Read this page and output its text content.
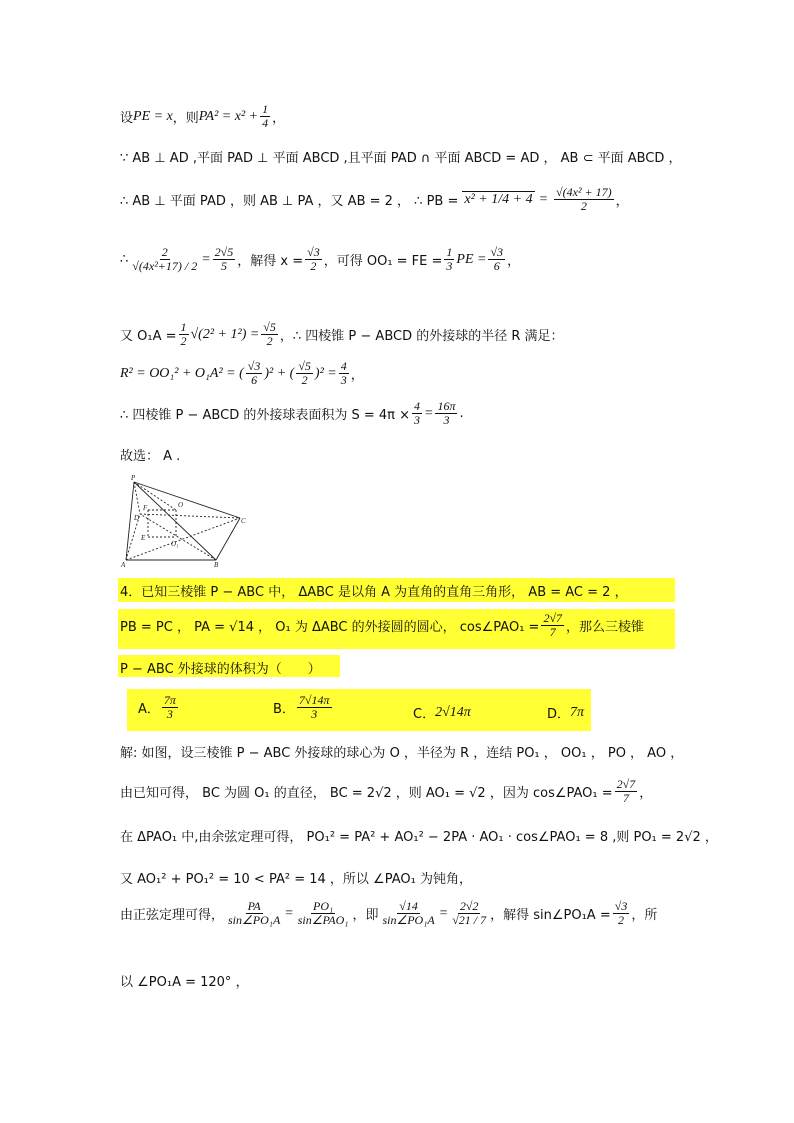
设 PE = x ，则 $PA^2 = x^2 + \frac{1}{4}$ ，
∵ AB ⊥ AD ,平面 PAD ⊥ 平面 ABCD ,且平面 PAD ∩ 平面 ABCD = AD ， AB ⊂ 平面 ABCD ，
∴ AB ⊥ 平面 PAD ，则 AB ⊥ PA ，又 AB = 2 ， ∴ PB = $x^2 + 1/4 + 4 = \frac{\text{√(4x² + 17)}}{2}$ ，
∴ $\frac{2}{\text{√(4x²+17) / 2}} = \frac{2√5}{5}$ ，解得 $x = \frac{√3}{2}$ ，可得 OO₁ = FE = $\frac{1}{3}$ PE = $\frac{√3}{6}$ ，
又 $O_1A = \frac{1}{2} √(2^2 + 1^2) = \frac{√5}{2}$ ，∴ 四棱锥 P − ABCD 的外接球的半径 R 满足：
R² = OO₁² + O₁A² = ( $\frac{√3}{6} )^2$ + ( $\frac{√5}{2} )^2 = \frac{4}{3}$ ，
∴ 四棱锥 P − ABCD 的外接球表面积为 $S = 4\pi \times \frac{4}{3} = \frac{16\pi}{3}$ .
故选： A .
P
O
F
D
E
O₁
A	B
C
4．已知三棱锥 P − ABC 中， ΔABC 是以角 A 为直角的直角三角形， AB = AC = 2 ，
PB = PC ， PA = √14 ， O₁ 为 ΔABC 的外接圆的圆心， cos∠PAO₁ = $\frac{2√7}{7}$ ，那么三棱锥
P − ABC 外接球的体积为（　　）
A． $\frac{7\pi}{3}$	B． $\frac{7√14\pi}{3}$	C． 2√14π	D． 7π
解: 如图，设三棱锥 P − ABC 外接球的球心为 O ，半径为 R ，连结 PO₁ ， OO₁ ， PO ， AO ，
由已知可得， BC 为圆 O₁ 的直径， BC = 2√2 ，则 AO₁ = √2 ，因为 cos∠PAO₁ = $\frac{2√7}{7}$ ，
在 ΔPAO₁ 中,由余弦定理可得， PO₁² = PA² + AO₁² − 2PA · AO₁ · cos∠PAO₁ = 8 ,则 PO₁ = 2√2 ，
又 AO₁² + PO₁² = 10 < PA² = 14 ，所以 ∠PAO₁ 为钝角，
由正弦定理可得， $\frac{PA}{\text{sin∠PO₁A}} = \frac{\text{PO₁}}{\text{sin∠PAO₁}}$ ，即 $\frac{√14}{\text{sin∠PO₁A}} = \frac{2√2}{√21 / 7}$ ，解得 sin∠PO₁A = $\frac{√3}{2}$ ，所
以 ∠PO₁A = 120° ，
